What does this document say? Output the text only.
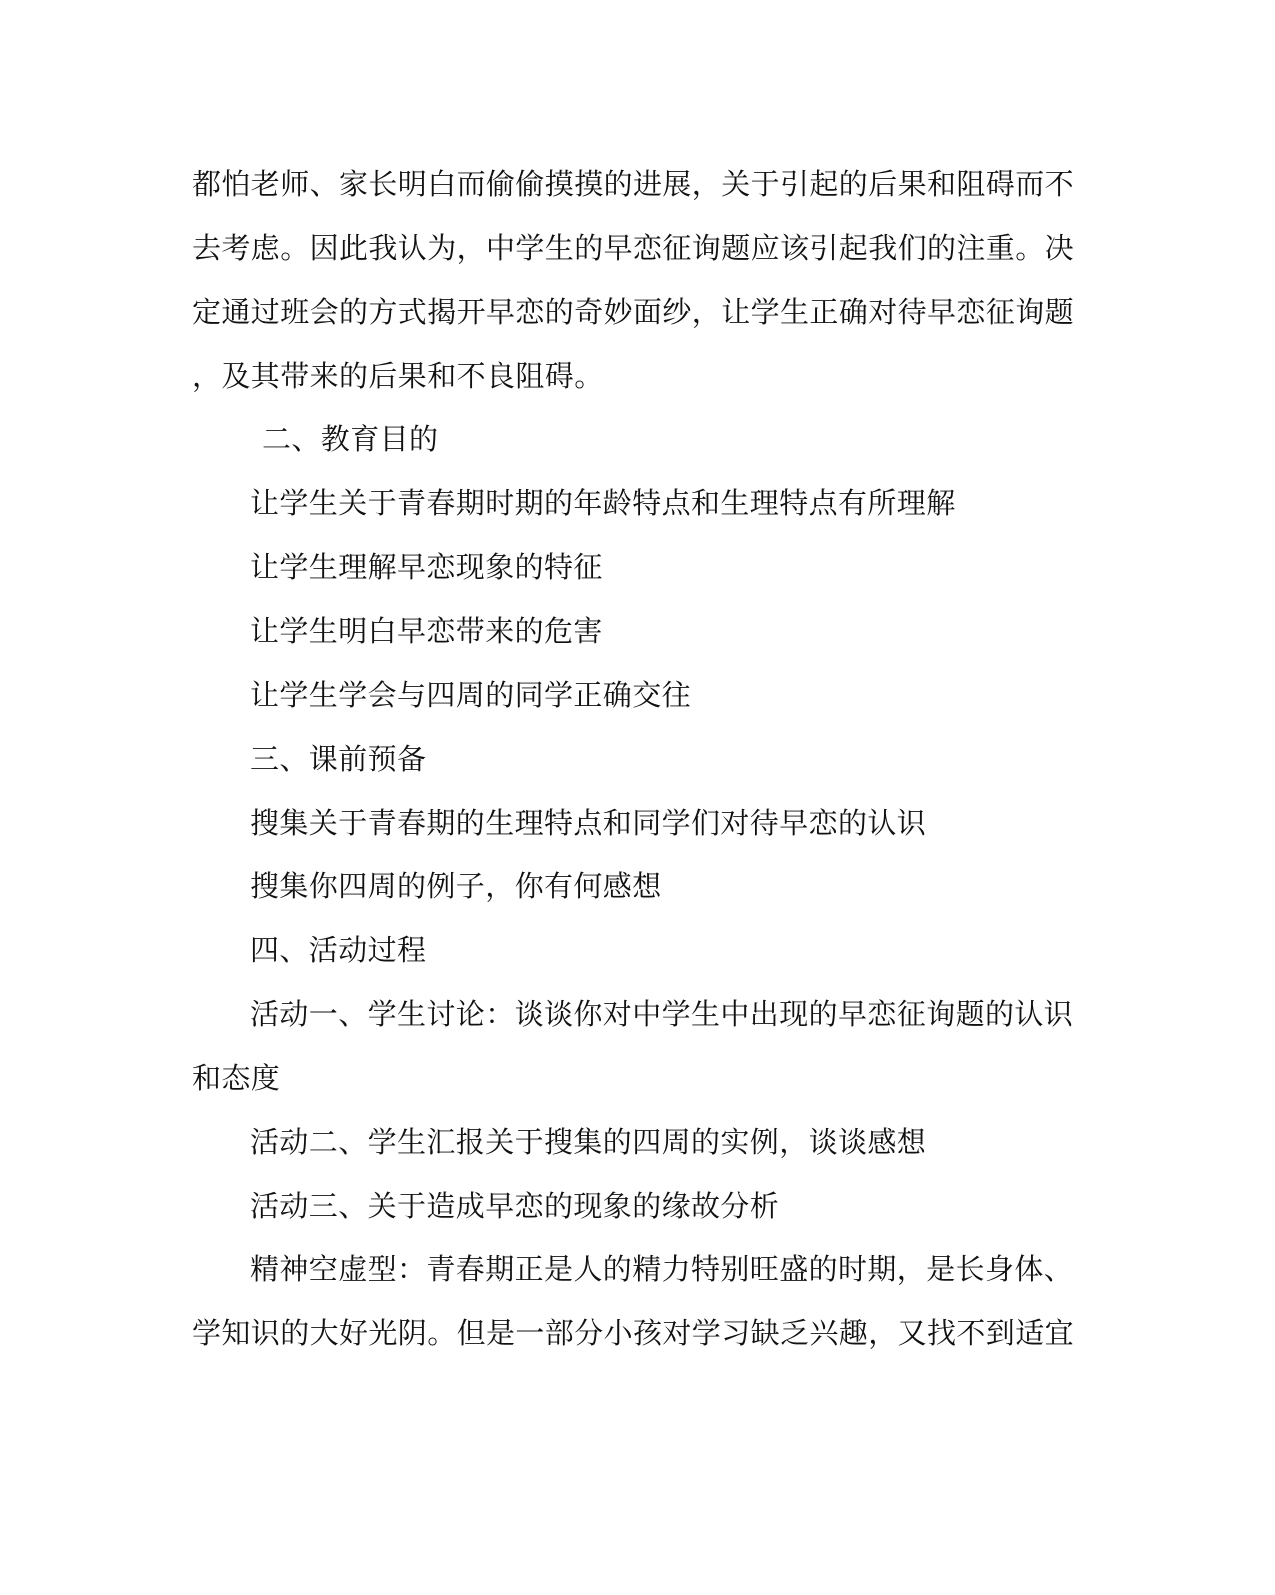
都怕老师、家长明白而偷偷摸摸的进展，关于引起的后果和阻碍而不
去考虑。因此我认为，中学生的早恋征询题应该引起我们的注重。决
定通过班会的方式揭开早恋的奇妙面纱，让学生正确对待早恋征询题
，及其带来的后果和不良阻碍。
二、教育目的
让学生关于青春期时期的年龄特点和生理特点有所理解
让学生理解早恋现象的特征
让学生明白早恋带来的危害
让学生学会与四周的同学正确交往
三、课前预备
搜集关于青春期的生理特点和同学们对待早恋的认识
搜集你四周的例子，你有何感想
四、活动过程
活动一、学生讨论：谈谈你对中学生中出现的早恋征询题的认识
和态度
活动二、学生汇报关于搜集的四周的实例，谈谈感想
活动三、关于造成早恋的现象的缘故分析
精神空虚型：青春期正是人的精力特别旺盛的时期，是长身体、
学知识的大好光阴。但是一部分小孩对学习缺乏兴趣，又找不到适宜
